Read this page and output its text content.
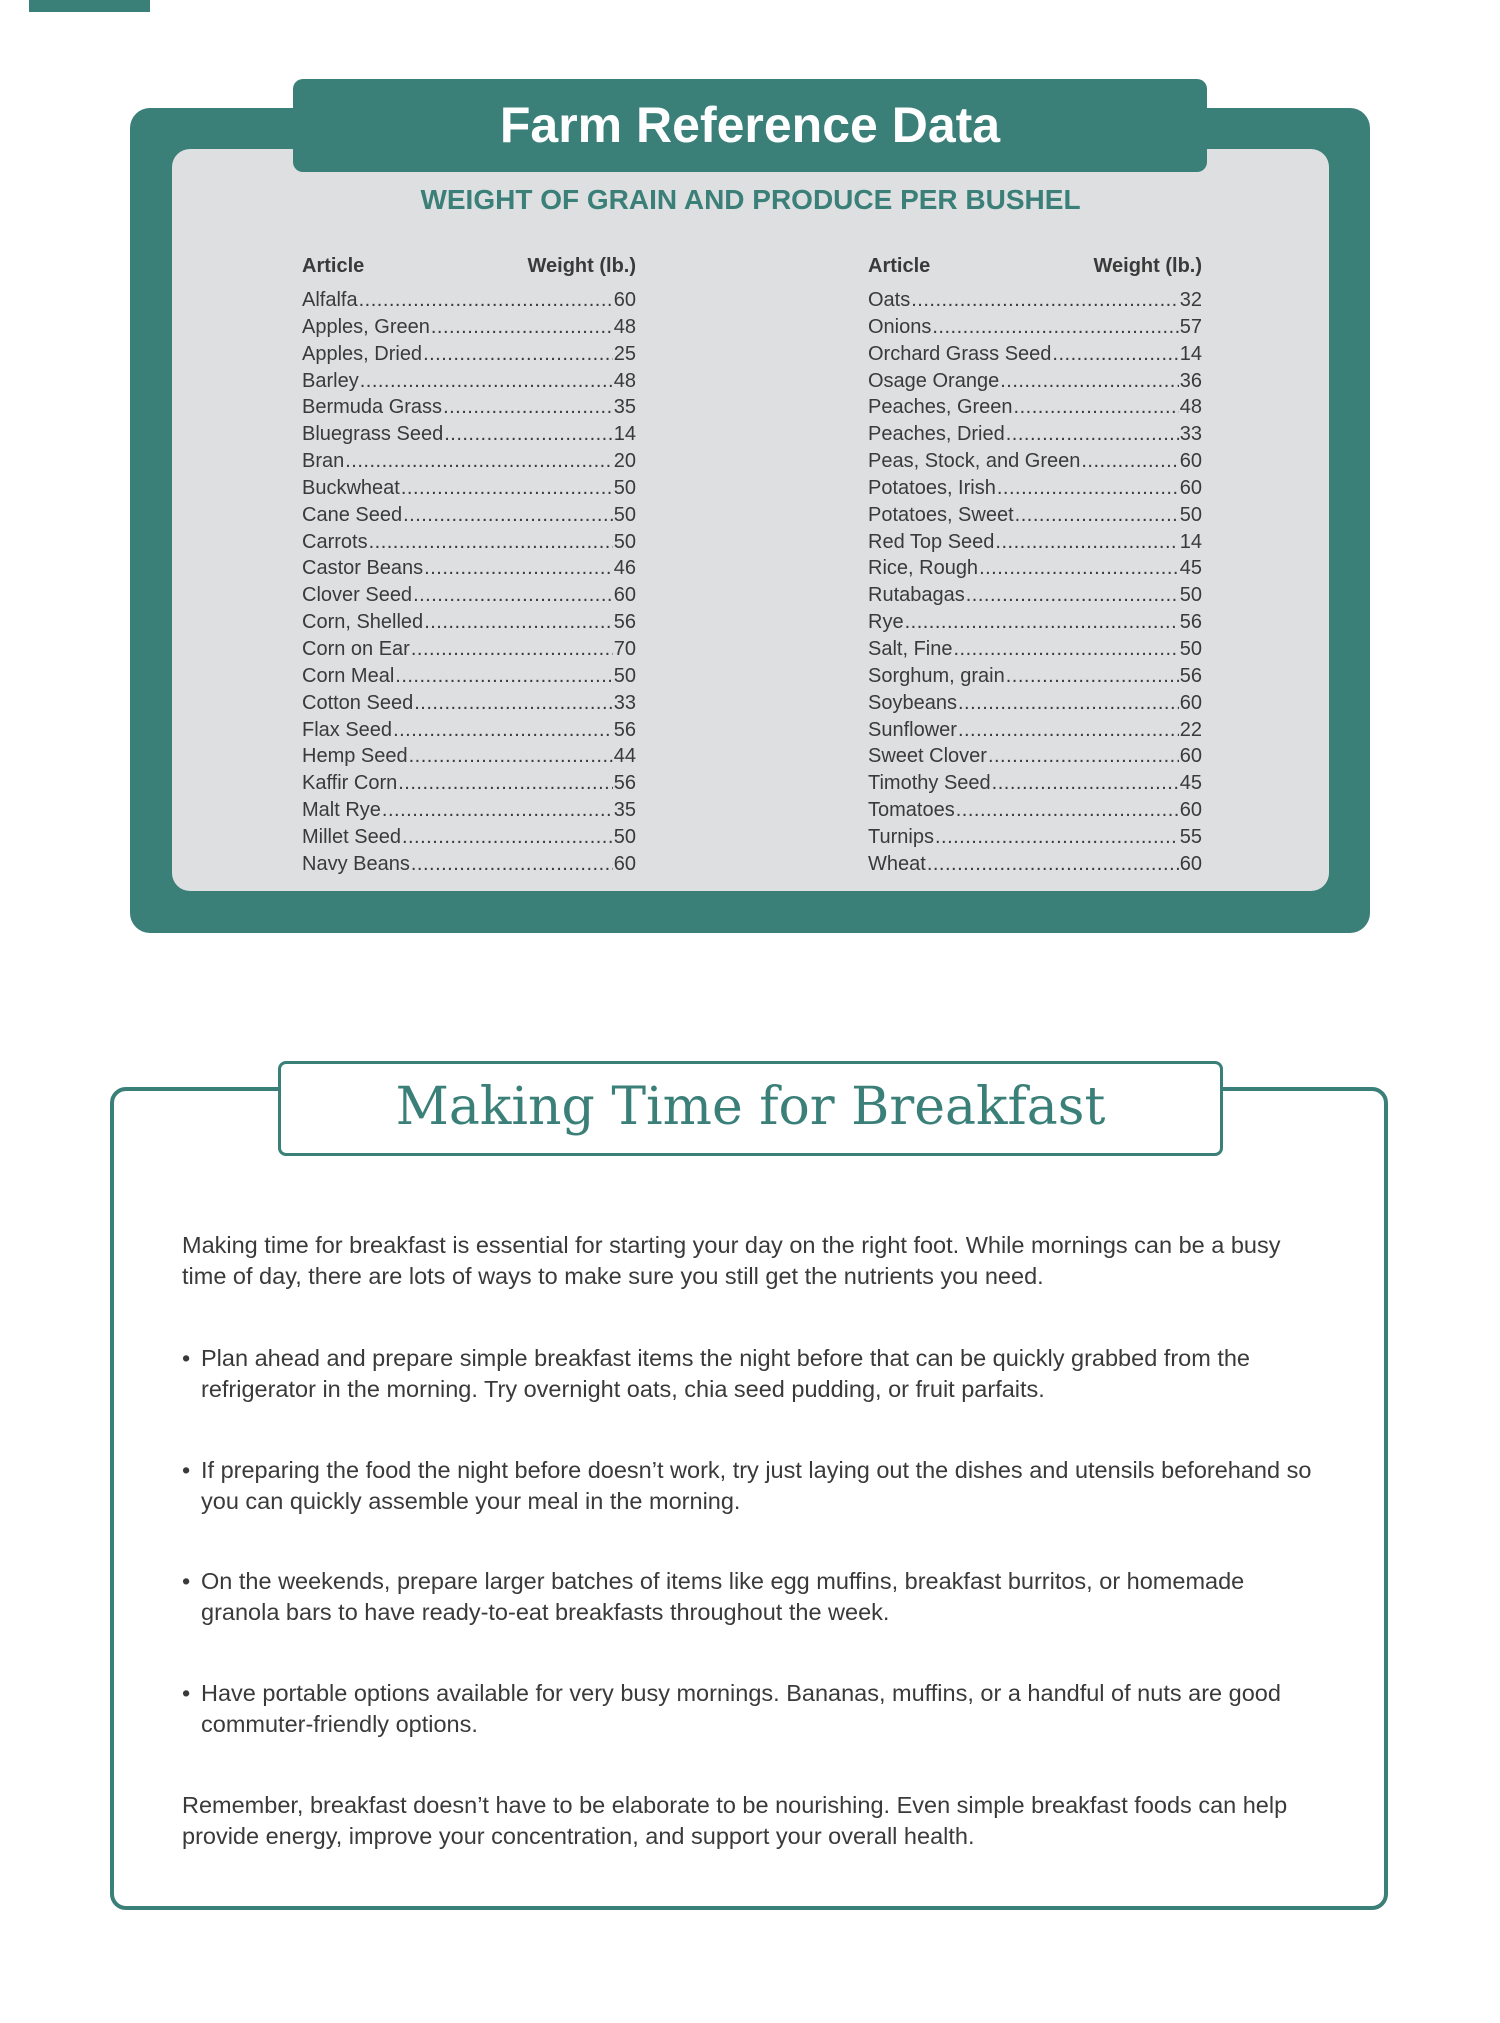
Farm Reference Data
WEIGHT OF GRAIN AND PRODUCE PER BUSHEL
Article	Weight (lb.)
Alfalfa .....	60
Apples, Green .....	48
Apples, Dried .....	25
Barley .....	48
Bermuda Grass .....	35
Bluegrass Seed .....	14
Bran .....	20
Buckwheat .....	50
Cane Seed .....	50
Carrots .....	50
Castor Beans .....	46
Clover Seed .....	60
Corn, Shelled .....	56
Corn on Ear .....	70
Corn Meal .....	50
Cotton Seed .....	33
Flax Seed .....	56
Hemp Seed .....	44
Kaffir Corn .....	56
Malt Rye .....	35
Millet Seed .....	50
Navy Beans .....	60
Article	Weight (lb.)
Oats .....	32
Onions .....	57
Orchard Grass Seed .....	14
Osage Orange .....	36
Peaches, Green .....	48
Peaches, Dried .....	33
Peas, Stock, and Green .....	60
Potatoes, Irish .....	60
Potatoes, Sweet .....	50
Red Top Seed .....	14
Rice, Rough .....	45
Rutabagas .....	50
Rye .....	56
Salt, Fine .....	50
Sorghum, grain .....	56
Soybeans .....	60
Sunflower .....	22
Sweet Clover .....	60
Timothy Seed .....	45
Tomatoes .....	60
Turnips .....	55
Wheat .....	60
Making Time for Breakfast
Making time for breakfast is essential for starting your day on the right foot. While mornings can be a busy time of day, there are lots of ways to make sure you still get the nutrients you need.
• Plan ahead and prepare simple breakfast items the night before that can be quickly grabbed from the refrigerator in the morning. Try overnight oats, chia seed pudding, or fruit parfaits.
• If preparing the food the night before doesn’t work, try just laying out the dishes and utensils beforehand so you can quickly assemble your meal in the morning.
• On the weekends, prepare larger batches of items like egg muffins, breakfast burritos, or homemade granola bars to have ready-to-eat breakfasts throughout the week.
• Have portable options available for very busy mornings. Bananas, muffins, or a handful of nuts are good commuter-friendly options.
Remember, breakfast doesn’t have to be elaborate to be nourishing. Even simple breakfast foods can help provide energy, improve your concentration, and support your overall health.
